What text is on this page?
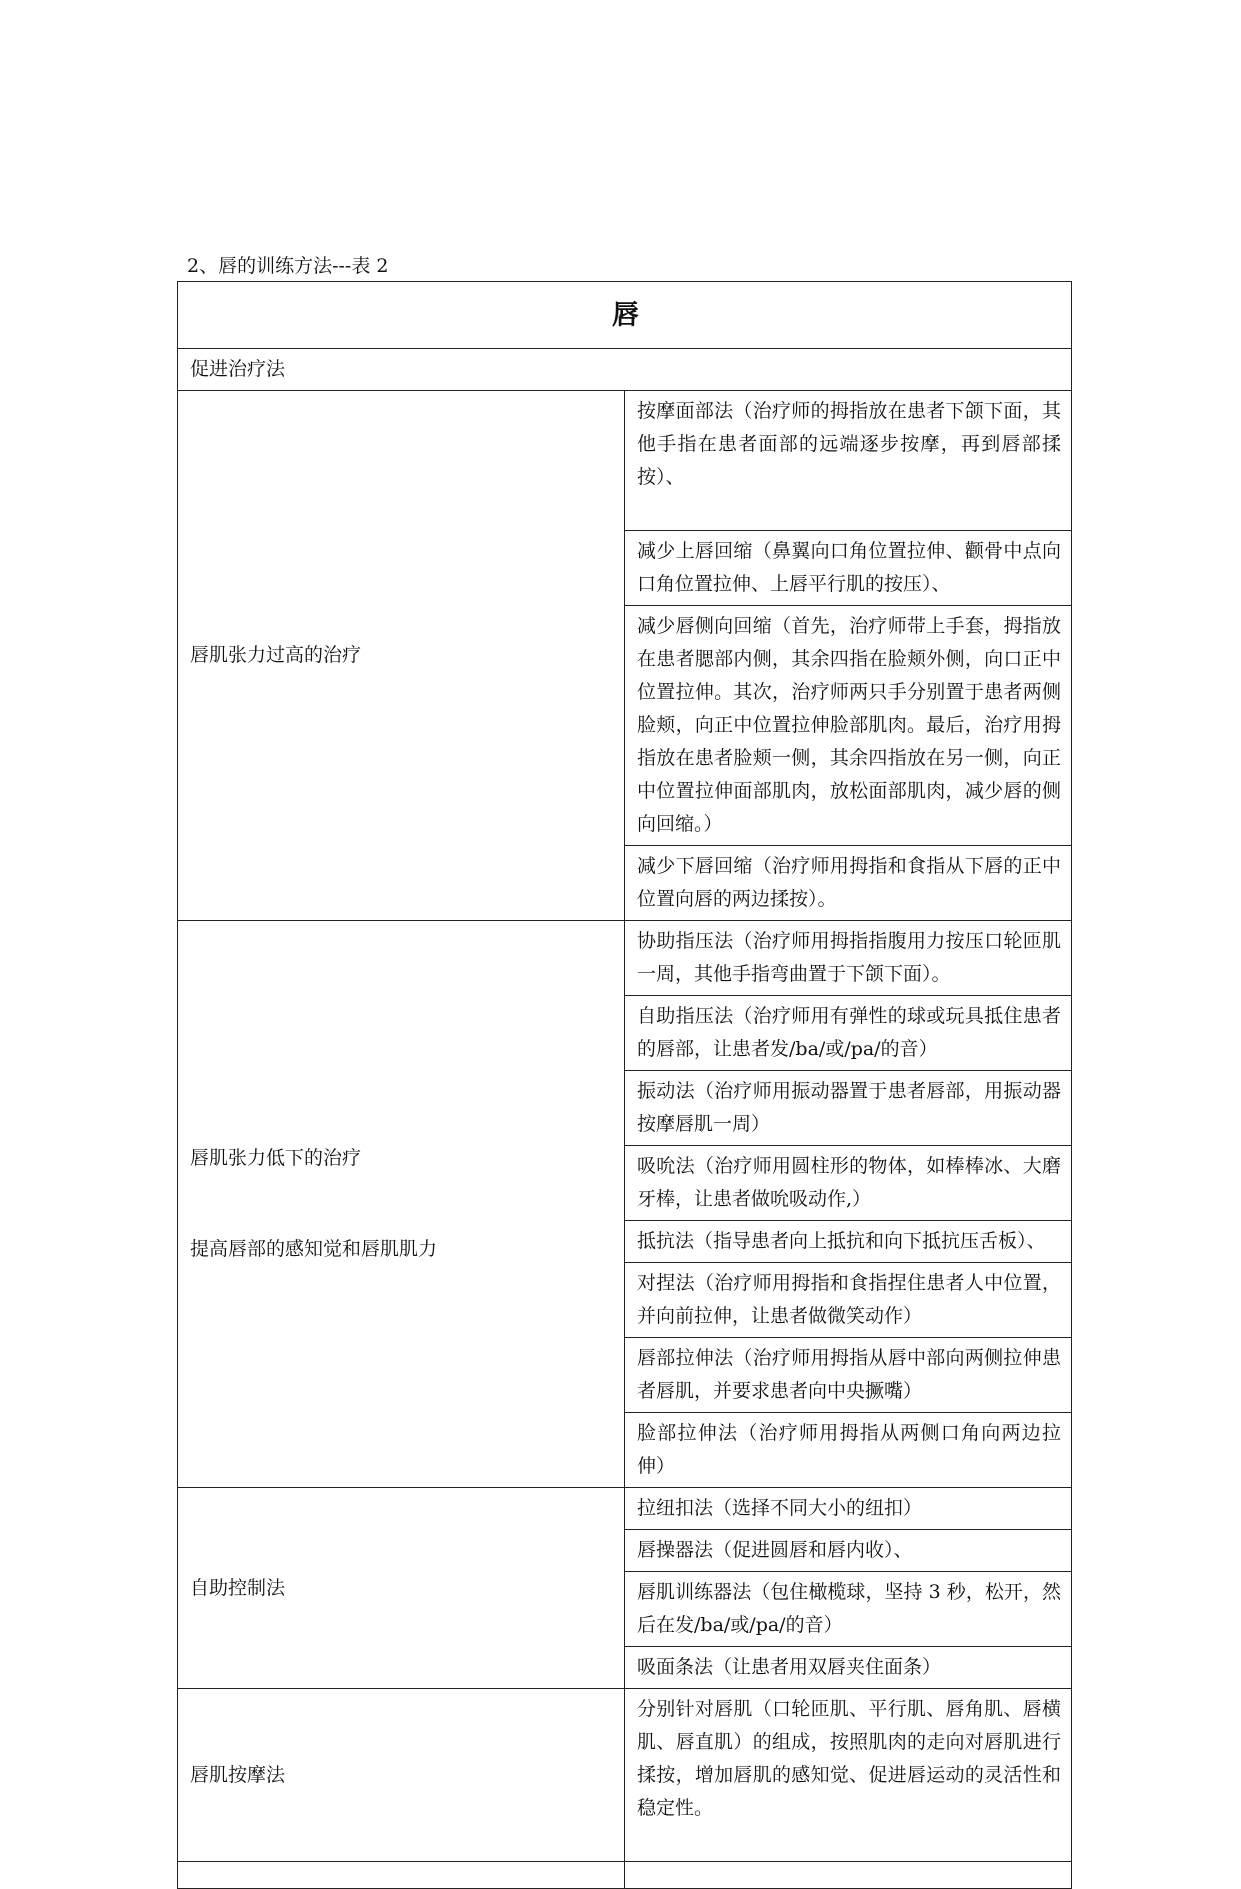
2、唇的训练方法---表 2
唇	
促进治疗法	
唇肌张力过高的治疗	按摩面部法（治疗师的拇指放在患者下颌下面，其他手指在患者面部的远端逐步按摩，再到唇部揉按）、

	减少上唇回缩（鼻翼向口角位置拉伸、颧骨中点向口角位置拉伸、上唇平行肌的按压）、
	减少唇侧向回缩（首先，治疗师带上手套，拇指放在患者腮部内侧，其余四指在脸颊外侧，向口正中位置拉伸。其次，治疗师两只手分别置于患者两侧脸颊，向正中位置拉伸脸部肌肉。最后，治疗用拇指放在患者脸颊一侧，其余四指放在另一侧，向正中位置拉伸面部肌肉，放松面部肌肉，减少唇的侧向回缩。）
	减少下唇回缩（治疗师用拇指和食指从下唇的正中位置向唇的两边揉按）。

唇肌张力低下的治疗
提高唇部的感知觉和唇肌肌力	协助指压法（治疗师用拇指指腹用力按压口轮匝肌一周，其他手指弯曲置于下颌下面）。
	自助指压法（治疗师用有弹性的球或玩具抵住患者的唇部，让患者发/ba/或/pa/的音）
	振动法（治疗师用振动器置于患者唇部，用振动器按摩唇肌一周）
	吸吮法（治疗师用圆柱形的物体，如棒棒冰、大磨牙棒，让患者做吮吸动作,）
	抵抗法（指导患者向上抵抗和向下抵抗压舌板）、
	对捏法（治疗师用拇指和食指捏住患者人中位置，并向前拉伸，让患者做微笑动作）
	唇部拉伸法（治疗师用拇指从唇中部向两侧拉伸患者唇肌，并要求患者向中央撅嘴）
	脸部拉伸法（治疗师用拇指从两侧口角向两边拉伸）
自助控制法	拉纽扣法（选择不同大小的纽扣）
	唇操器法（促进圆唇和唇内收）、
	唇肌训练器法（包住橄榄球，坚持 3 秒，松开，然后在发/ba/或/pa/的音）
	吸面条法（让患者用双唇夹住面条）
唇肌按摩法	分别针对唇肌（口轮匝肌、平行肌、唇角肌、唇横肌、唇直肌）的组成，按照肌肉的走向对唇肌进行揉按，增加唇肌的感知觉、促进唇运动的灵活性和稳定性。
